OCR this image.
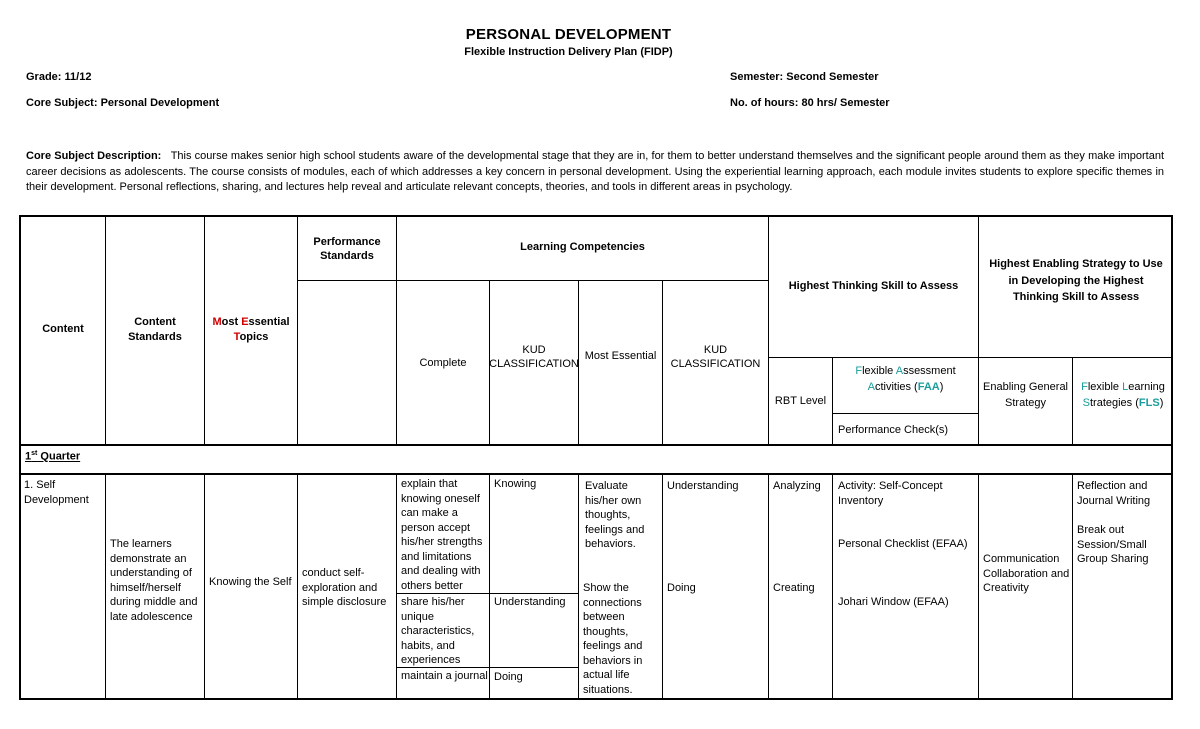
PERSONAL DEVELOPMENT
Flexible Instruction Delivery Plan (FIDP)
Grade: 11/12
Core Subject: Personal Development
Semester: Second Semester
No. of hours: 80 hrs/ Semester
Core Subject Description: This course makes senior high school students aware of the developmental stage that they are in, for them to better understand themselves and the significant people around them as they make important career decisions as adolescents. The course consists of modules, each of which addresses a key concern in personal development. Using the experiential learning approach, each module invites students to explore specific themes in their development. Personal reflections, sharing, and lectures help reveal and articulate relevant concepts, theories, and tools in different areas in psychology.
Content
Content Standards
Most Essential
Topics
Performance Standards
Learning Competencies
Complete
KUD CLASSIFICATION
Most Essential
KUD CLASSIFICATION
Highest Thinking Skill to Assess
Highest Enabling Strategy to Use in Developing the Highest Thinking Skill to Assess
RBT Level
Flexible Assessment
Activities (FAA)
Performance Check(s)
Enabling General Strategy
Flexible Learning
Strategies (FLS)
1st Quarter
1. Self Development
The learners demonstrate an understanding of himself/herself during middle and late adolescence
Knowing the Self
conduct self-exploration and simple disclosure
explain that knowing oneself can make a person accept his/her strengths and limitations and dealing with others better
share his/her unique characteristics, habits, and experiences
maintain a journal
Knowing
Understanding
Doing
Evaluate his/her own thoughts, feelings and behaviors.
Show the connections between thoughts, feelings and behaviors in actual life situations.
Understanding
Doing
Analyzing
Creating
Activity: Self-Concept Inventory
Personal Checklist (EFAA)
Johari Window (EFAA)
Communication Collaboration and Creativity
Reflection and Journal Writing
Break out Session/Small Group Sharing
